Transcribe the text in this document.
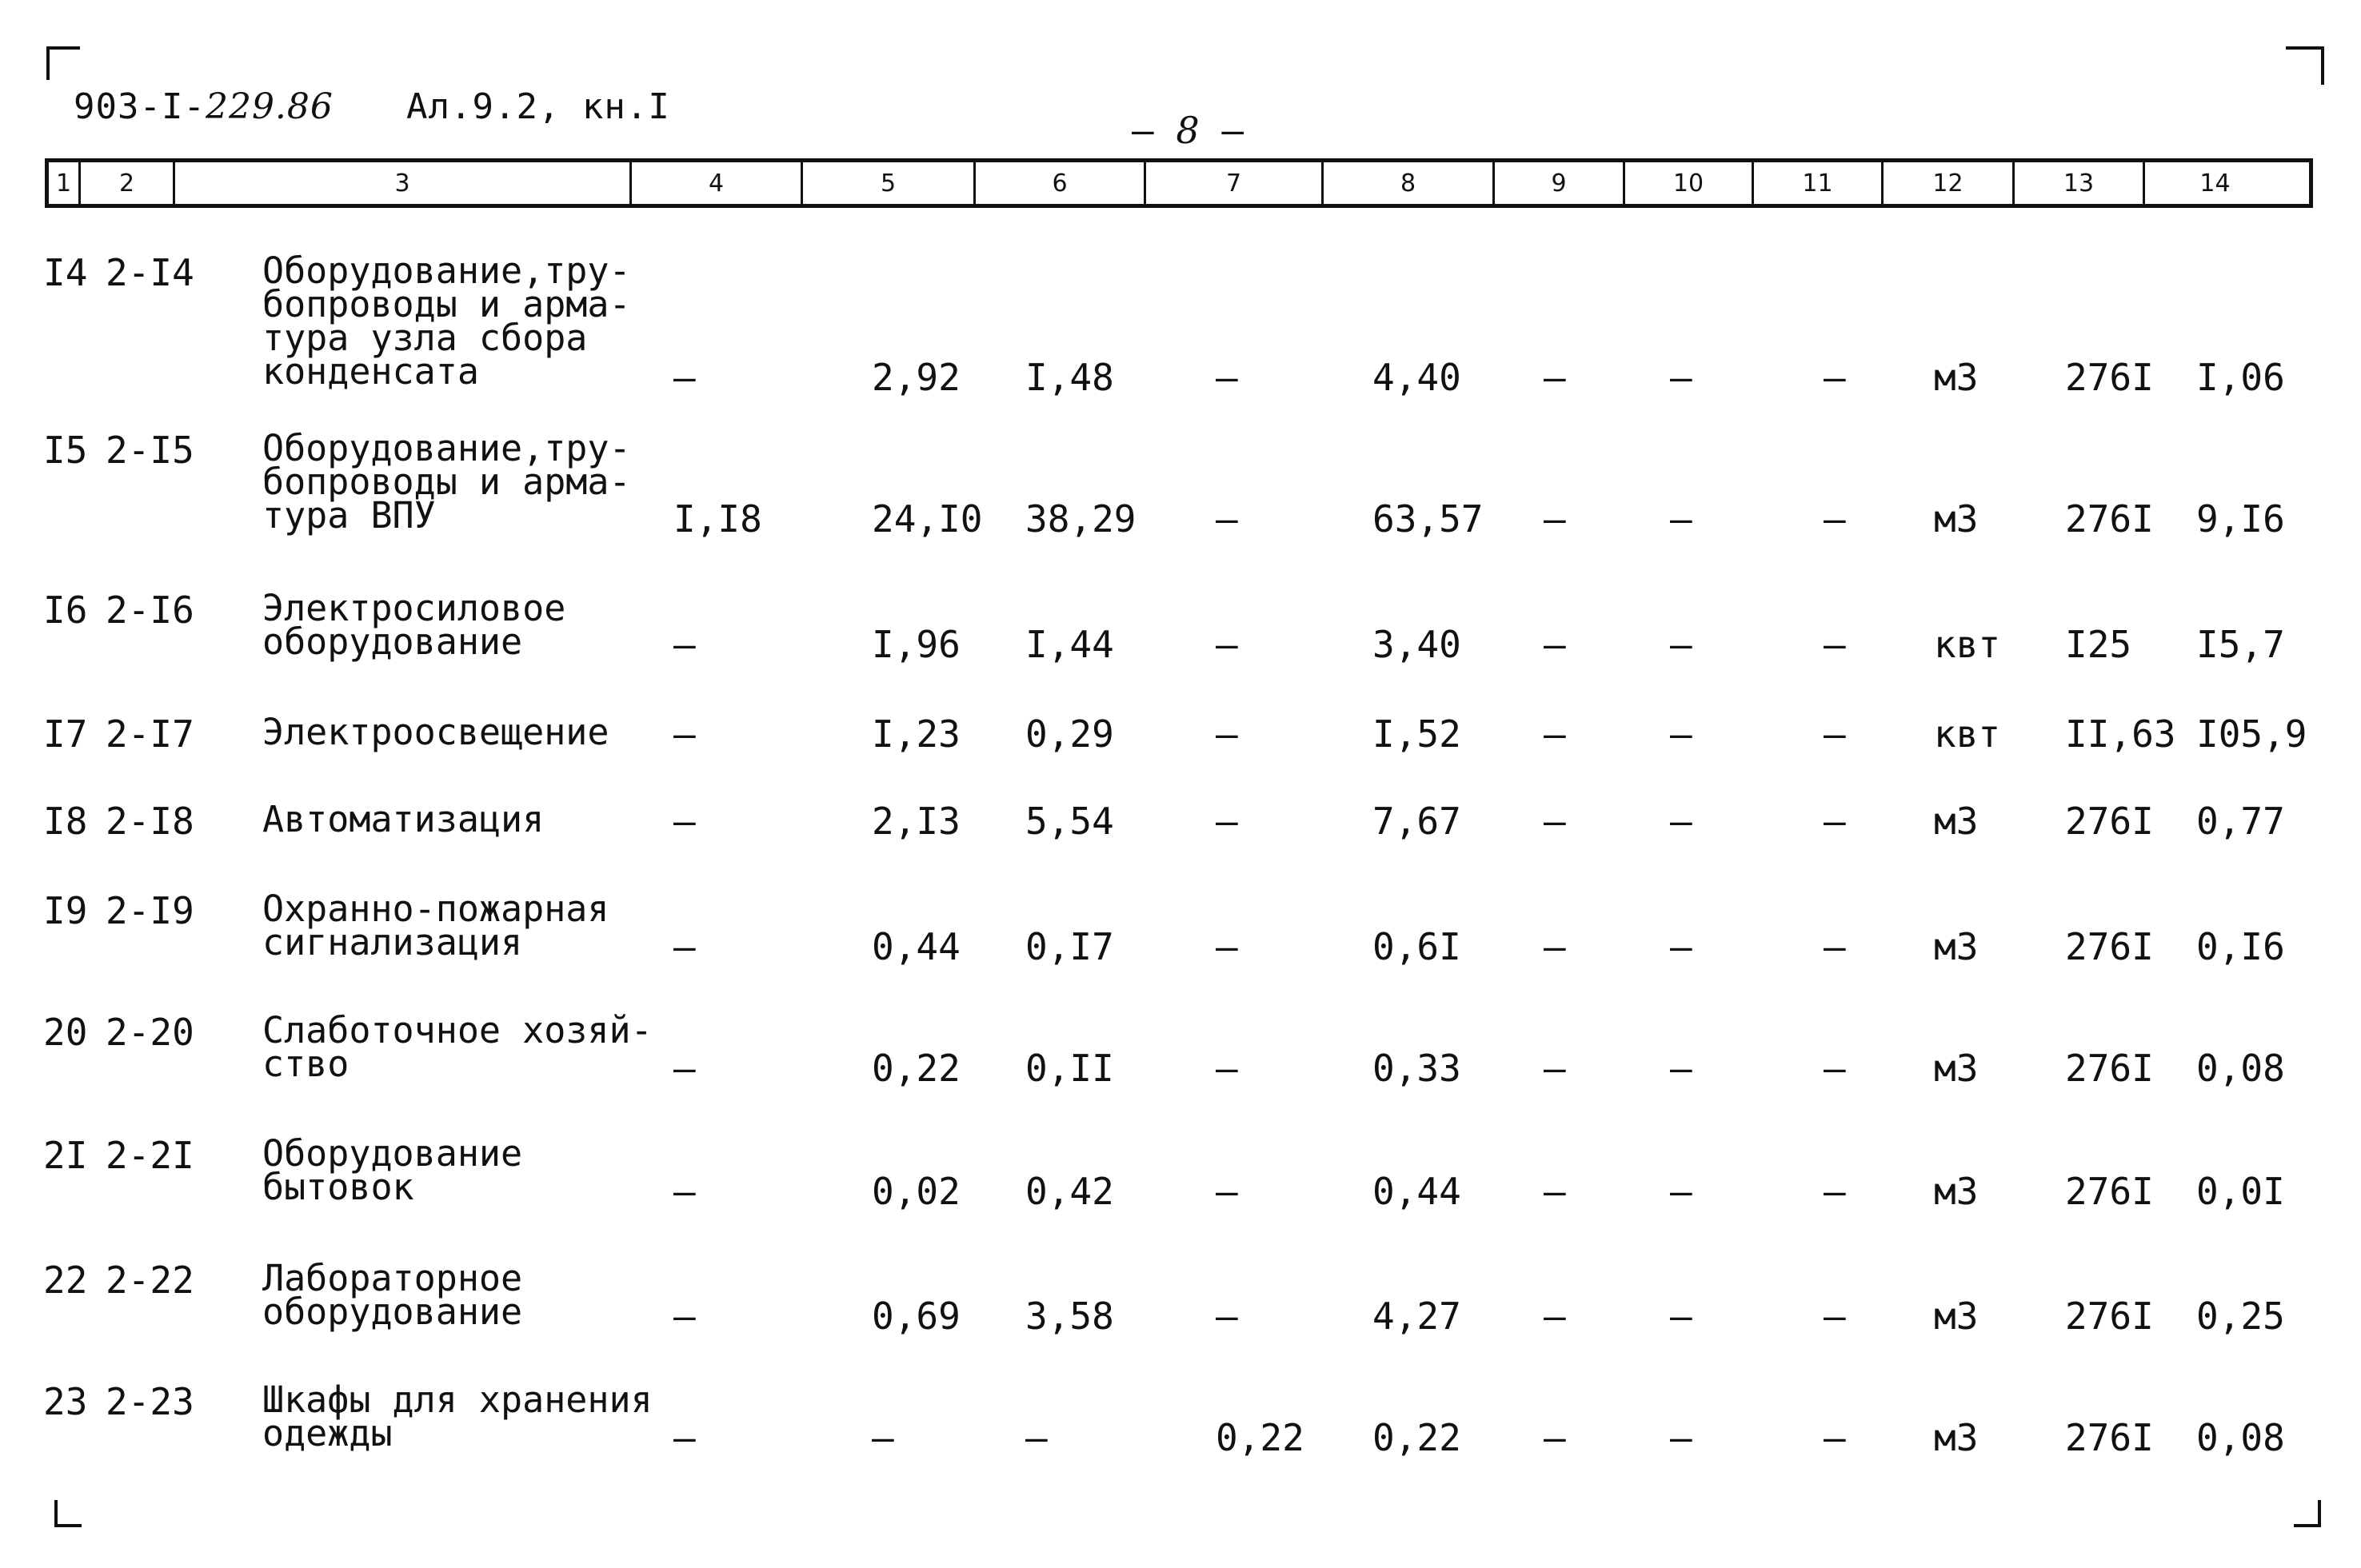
903-I-229.86 Ал.9.2, кн.I
— 8 —
1	2	3	4	5	6	7	8	9	10	11	12	13	14
I4 2-I4 Оборудование,тру-
бопроводы и арма-
тура узла сбора
конденсата	–	2,92 I,48	–	4,40 –	–	– м3 276I I,06
I5 2-I5 Оборудование,тру-
бопроводы и арма-
тура ВПУ	I,I8	24,I0 38,29 –	63,57 –	–	– м3 276I 9,I6
I6 2-I6 Электросиловое
оборудование	–	I,96 I,44	–	3,40 –	–	– квт I25 I5,7
I7 2-I7 Электроосвещение –	I,23 0,29	–	I,52 –	–	– квт II,63 I05,9
I8 2-I8 Автоматизация	–	2,I3 5,54	–	7,67 –	–	– м3 276I 0,77
I9 2-I9 Охранно-пожарная
сигнализация	–	0,44 0,I7	–	0,6I –	–	– м3 276I 0,I6
20 2-20 Слаботочное хозяй-
ство	–	0,22 0,II	–	0,33 –	–	– м3 276I 0,08
2I 2-2I Оборудование
бытовок	–	0,02 0,42	–	0,44 –	–	– м3 276I 0,0I
22 2-22 Лабораторное
оборудование	–	0,69 3,58	–	4,27 –	–	– м3 276I 0,25
23 2-23 Шкафы для хранения
одежды	–	–	–	0,22 0,22 –	–	– м3 276I 0,08
